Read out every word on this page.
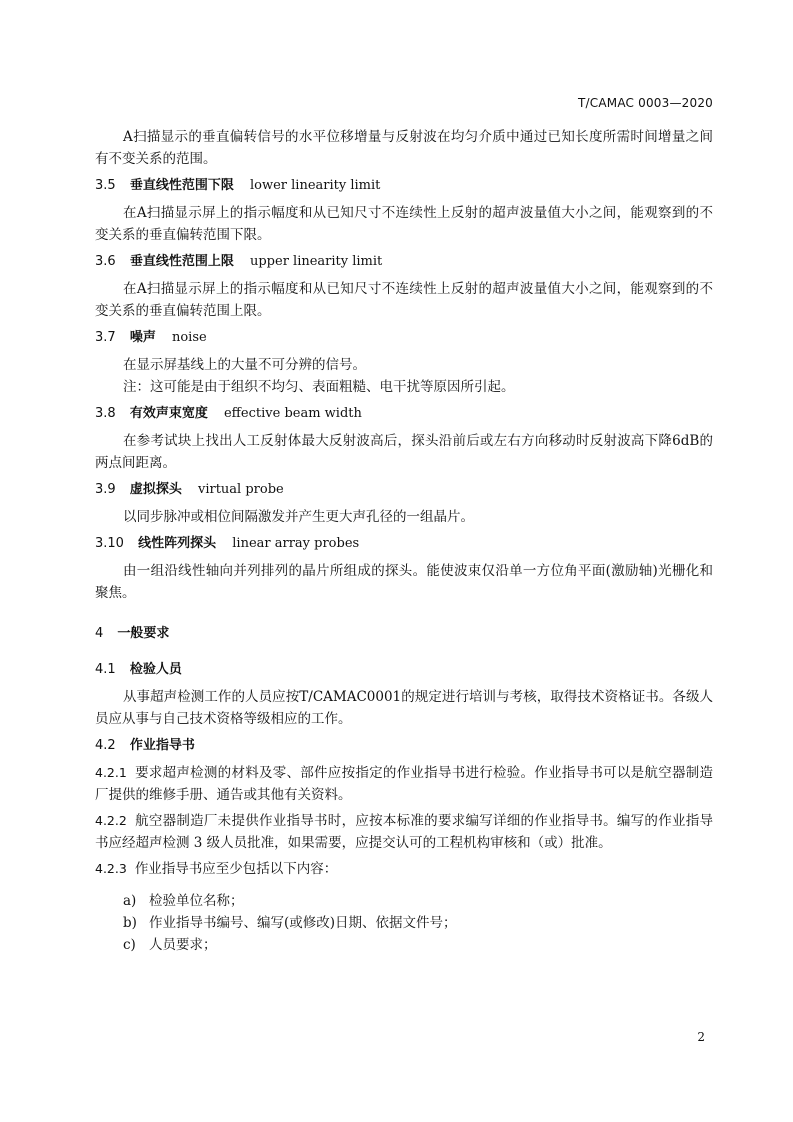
T/CAMAC 0003—2020

A扫描显示的垂直偏转信号的水平位移增量与反射波在均匀介质中通过已知长度所需时间增量之间有不变关系的范围。

3.5 垂直线性范围下限 lower linearity limit

在A扫描显示屏上的指示幅度和从已知尺寸不连续性上反射的超声波量值大小之间，能观察到的不变关系的垂直偏转范围下限。

3.6 垂直线性范围上限 upper linearity limit

在A扫描显示屏上的指示幅度和从已知尺寸不连续性上反射的超声波量值大小之间，能观察到的不变关系的垂直偏转范围上限。

3.7 噪声 noise

在显示屏基线上的大量不可分辨的信号。

注：这可能是由于组织不均匀、表面粗糙、电干扰等原因所引起。

3.8 有效声束宽度 effective beam width

在参考试块上找出人工反射体最大反射波高后，探头沿前后或左右方向移动时反射波高下降6dB的两点间距离。

3.9 虚拟探头 virtual probe

以同步脉冲或相位间隔激发并产生更大声孔径的一组晶片。

3.10 线性阵列探头 linear array probes

由一组沿线性轴向并列排列的晶片所组成的探头。能使波束仅沿单一方位角平面(激励轴)光栅化和聚焦。

4 一般要求
4.1 检验人员

从事超声检测工作的人员应按T/CAMAC0001的规定进行培训与考核，取得技术资格证书。各级人员应从事与自己技术资格等级相应的工作。

4.2 作业指导书

4.2.1 要求超声检测的材料及零、部件应按指定的作业指导书进行检验。作业指导书可以是航空器制造厂提供的维修手册、通告或其他有关资料。

4.2.2 航空器制造厂未提供作业指导书时，应按本标准的要求编写详细的作业指导书。编写的作业指导书应经超声检测 3 级人员批准，如果需要，应提交认可的工程机构审核和（或）批准。

4.2.3 作业指导书应至少包括以下内容：

a) 检验单位名称；
b) 作业指导书编号、编写(或修改)日期、依据文件号；
c) 人员要求；
2
